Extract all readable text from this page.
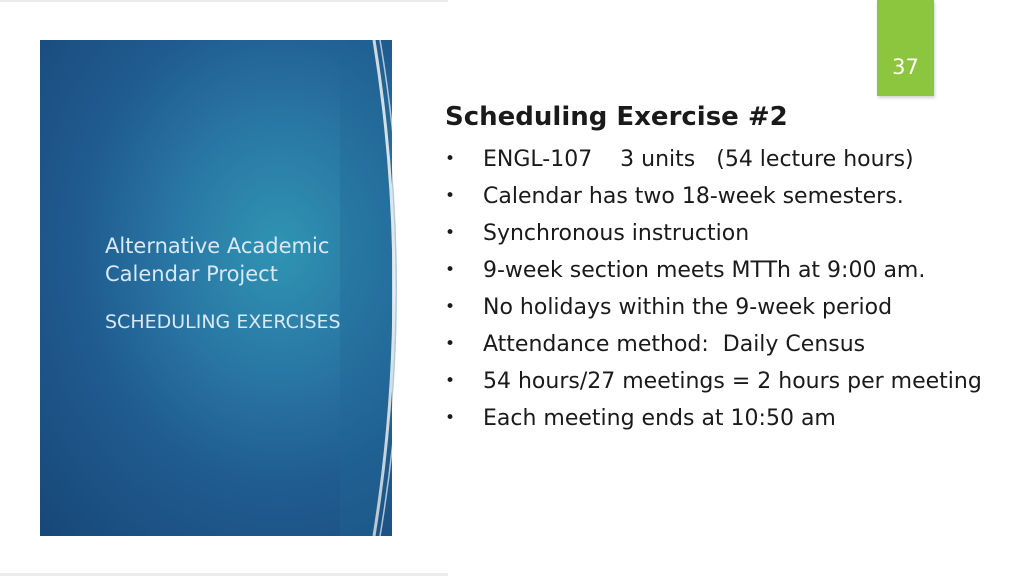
Alternative Academic
Calendar Project

SCHEDULING EXERCISES

37
Scheduling Exercise #2
• ENGL-107    3 units   (54 lecture hours)
• Calendar has two 18-week semesters.
• Synchronous instruction
• 9-week section meets MTTh at 9:00 am.
• No holidays within the 9-week period
• Attendance method:  Daily Census
• 54 hours/27 meetings = 2 hours per meeting
• Each meeting ends at 10:50 am
